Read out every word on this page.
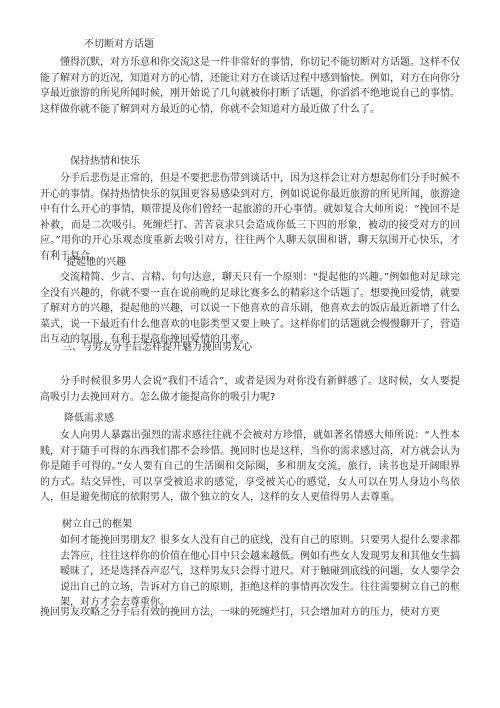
不切断对方话题

懂得沉默，对方乐意和你交流这是一件非常好的事情，你切记不能切断对方话题。这样不仅能了解对方的近况，知道对方的心情，还能让对方在谈话过程中感到愉快。例如，对方在向你分享最近旅游的所见所闻时候，刚开始说了几句就被你打断了话题，你滔滔不绝地说自己的事情。这样做你就不能了解到对方最近的心情，你就不会知道对方最近做了什么了。

保持热情和快乐

分手后悲伤是正常的，但是不要把悲伤带到谈话中，因为这样会让对方想起你们分手时候不开心的事情。保持热情快乐的氛围更容易感染到对方，例如说说你最近旅游的所见所闻，旅游途中有什么开心的事情，顺带提及你们曾经一起旅游的开心事情。就如复合大师所说：“挽回不是补救，而是二次吸引。死缠烂打、苦苦哀求只会造成你低三下四的形象，被动的接受对方的回应。”用你的开心乐观态度重新去吸引对方，往往两个人聊天氛围和谐，聊天氛围开心快乐，才有利于复合。

提起他的兴趣

交流精简、少言、言精、句句达意，聊天只有一个原则：“提起他的兴趣。”例如他对足球完全没有兴趣的，你就不要一直在说前晚的足球比赛多么的精彩这个话题了。想要挽回爱情，就要了解对方的兴趣，提起他的兴趣，可以说一下他喜欢的音乐剧，他喜欢去的饭店最近新增了什么菜式，说一下最近有什么他喜欢的电影类型又要上映了。这样你们的话题就会慢慢聊开了，营造出互动的氛围，有利于提高你挽回爱情的几率。

三、与男友分手后怎样提升魅力挽回男友心

分手时候很多男人会说“我们不适合”，或者是因为对你没有新鲜感了。这时候，女人要提高吸引力去挽回对方。怎么做才能提高你的吸引力呢?

降低需求感

女人向男人暴露出强烈的需求感往往就不会被对方珍惜，就如著名情感大师所说：“人性本贱，对于随手可得的东西我们都不会珍惜。挽回时也是这样，当你的需求感过高，对方就会认为你是随手可得的。”女人要有自己的生活圈和交际圈，多和朋友交流，旅行，读书也是开阔眼界的方式。结交异性，可以享受被追求的感觉，享受被关心的感觉，女人可以在男人身边小鸟依人，但是避免彻底的依附男人，做个独立的女人，这样的女人更值得男人去尊重。

树立自己的框架

如何才能挽回男朋友？很多女人没有自己的底线，没有自己的原则。只要男人提什么要求都去答应，往往这样你的价值在他心目中只会越来越低。例如有些女人发现男友和其他女生搞暧昧了，还是选择吞声忍气，这样男友只会得寸进尺。对于触碰到底线的问题，女人要学会说出自己的立场，告诉对方自己的原则，拒绝这样的事情再次发生。往往需要树立自己的框架，对方才会去尊重你。

挽回男友攻略之分手后有效的挽回方法，一味的死缠烂打，只会增加对方的压力，使对方更
